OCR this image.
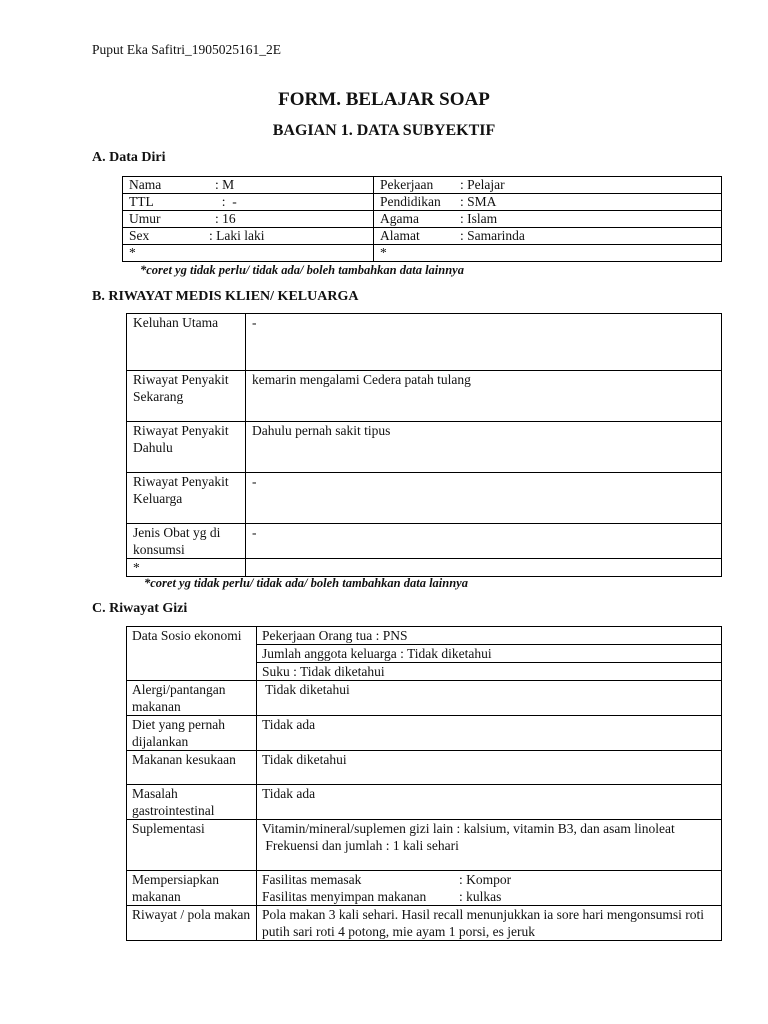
Puput Eka Safitri_1905025161_2E
FORM. BELAJAR SOAP
BAGIAN 1. DATA SUBYEKTIF
A. Data Diri
Nama : M	Pekerjaan : Pelajar
TTL :  -	Pendidikan : SMA
Umur : 16	Agama : Islam
Sex : Laki laki	Alamat : Samarinda
*	*
*coret yg tidak perlu/ tidak ada/ boleh tambahkan data lainnya
B. RIWAYAT MEDIS KLIEN/ KELUARGA
Keluhan Utama	-
Riwayat Penyakit Sekarang	kemarin mengalami Cedera patah tulang
Riwayat Penyakit Dahulu	Dahulu pernah sakit tipus
Riwayat Penyakit Keluarga	-
Jenis Obat yg di konsumsi	-
*	
*coret yg tidak perlu/ tidak ada/ boleh tambahkan data lainnya
C. Riwayat Gizi
Data Sosio ekonomi	Pekerjaan Orang tua : PNS
Jumlah anggota keluarga : Tidak diketahui
Suku : Tidak diketahui

Alergi/pantangan makanan	Tidak diketahui
Diet yang pernah dijalankan	Tidak ada
Makanan kesukaan	Tidak diketahui
Masalah gastrointestinal	Tidak ada
Suplementasi	Vitamin/mineral/suplemen gizi lain : kalsium, vitamin B3, dan asam linoleat
Frekuensi dan jumlah : 1 kali sehari

Mempersiapkan makanan	Fasilitas memasak : Kompor
Fasilitas menyimpan makanan : kulkas

Riwayat / pola makan	Pola makan 3 kali sehari. Hasil recall menunjukkan ia sore hari mengonsumsi roti putih sari roti 4 potong, mie ayam 1 porsi, es jeruk
